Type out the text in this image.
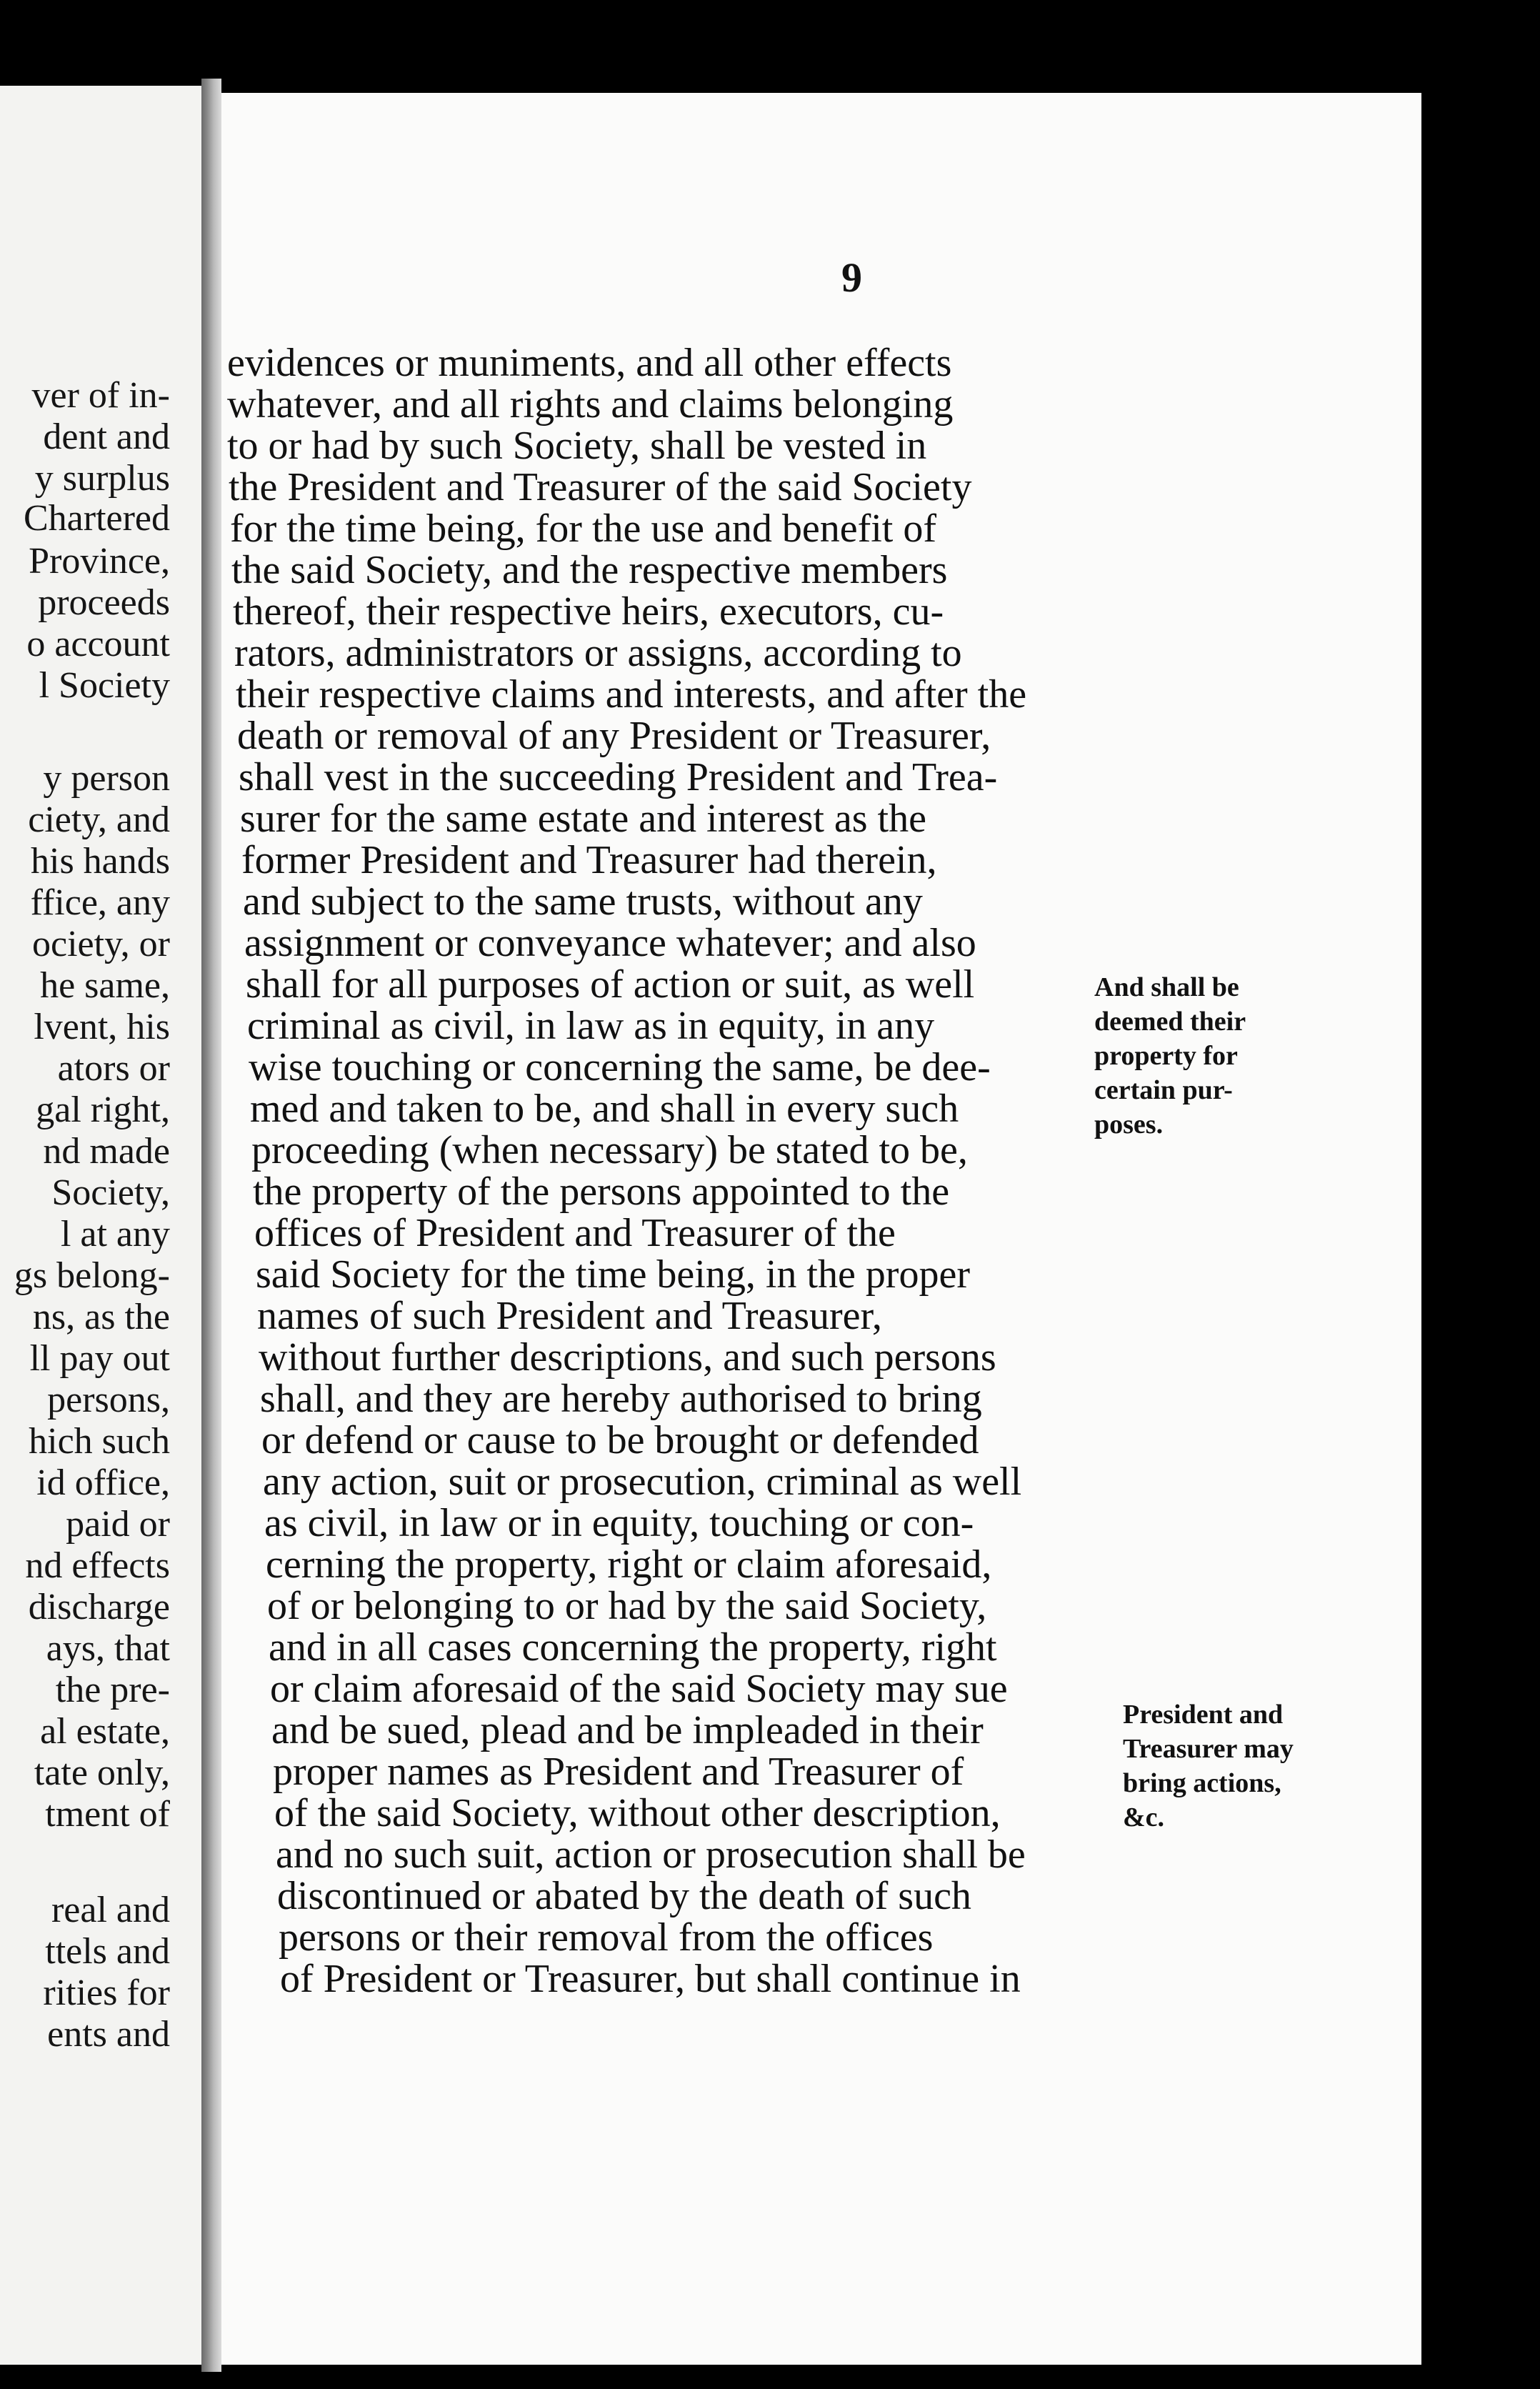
ver of in-
dent and
y surplus
Chartered
Province,
proceeds
o account
l Society
y person
ciety, and
his hands
ffice, any
ociety, or
he same,
lvent, his
ators or
gal right,
nd made
Society,
l at any
gs belong-
ns, as the
ll pay out
persons,
hich such
id office,
paid or
nd effects
discharge
ays, that
the pre-
al estate,
tate only,
tment of
real and
ttels and
rities for
ents and
9
evidences or muniments, and all other effects
whatever, and all rights and claims belonging
to or had by such Society, shall be vested in
the President and Treasurer of the said Society
for the time being, for the use and benefit of
the said Society, and the respective members
thereof, their respective heirs, executors, cu-
rators, administrators or assigns, according to
their respective claims and interests, and after the
death or removal of any President or Treasurer,
shall vest in the succeeding President and Trea-
surer for the same estate and interest as the
former President and Treasurer had therein,
and subject to the same trusts, without any
assignment or conveyance whatever; and also
shall for all purposes of action or suit, as well
criminal as civil, in law as in equity, in any
wise touching or concerning the same, be dee-
med and taken to be, and shall in every such
proceeding (when necessary) be stated to be,
the property of the persons appointed to the
offices of President and Treasurer of the
said Society for the time being, in the proper
names of such President and Treasurer,
without further descriptions, and such persons
shall, and they are hereby authorised to bring
or defend or cause to be brought or defended
any action, suit or prosecution, criminal as well
as civil, in law or in equity, touching or con-
cerning the property, right or claim aforesaid,
of or belonging to or had by the said Society,
and in all cases concerning the property, right
or claim aforesaid of the said Society may sue
and be sued, plead and be impleaded in their
proper names as President and Treasurer of
of the said Society, without other description,
and no such suit, action or prosecution shall be
discontinued or abated by the death of such
persons or their removal from the offices
of President or Treasurer, but shall continue in
And shall be
deemed their
property for
certain pur-
poses.
President and
Treasurer may
bring actions,
&c.
